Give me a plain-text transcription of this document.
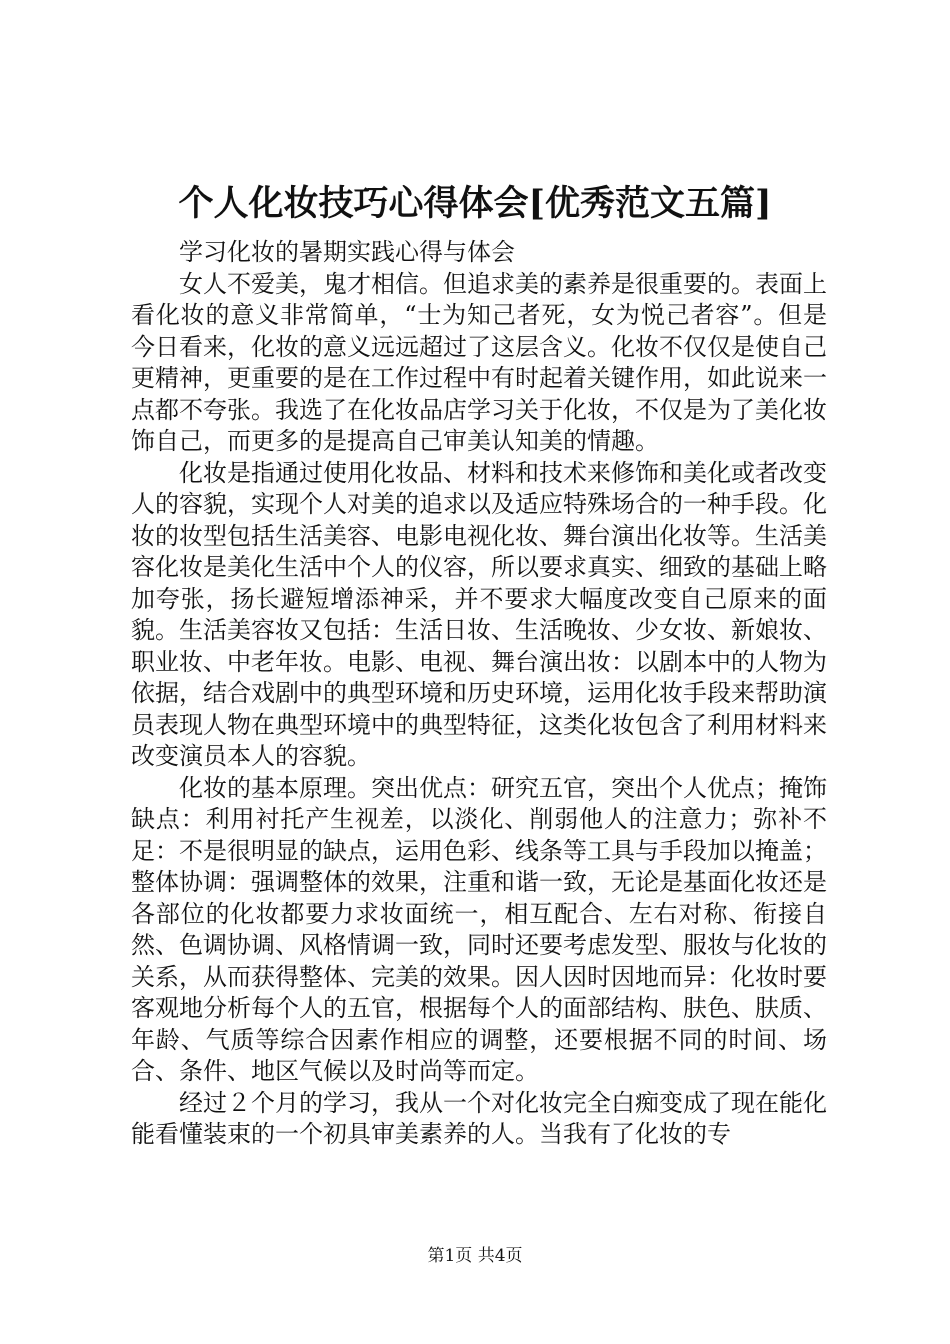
个人化妆技巧心得体会[优秀范文五篇]

学习化妆的暑期实践心得与体会

女人不爱美，鬼才相信。但追求美的素养是很重要的。表面上看化妆的意义非常简单，“士为知己者死，女为悦己者容”。但是今日看来，化妆的意义远远超过了这层含义。化妆不仅仅是使自己更精神，更重要的是在工作过程中有时起着关键作用，如此说来一点都不夸张。我选了在化妆品店学习关于化妆，不仅是为了美化妆饰自己，而更多的是提高自己审美认知美的情趣。

化妆是指通过使用化妆品、材料和技术来修饰和美化或者改变人的容貌，实现个人对美的追求以及适应特殊场合的一种手段。化妆的妆型包括生活美容、电影电视化妆、舞台演出化妆等。生活美容化妆是美化生活中个人的仪容，所以要求真实、细致的基础上略加夸张，扬长避短增添神采，并不要求大幅度改变自己原来的面貌。生活美容妆又包括：生活日妆、生活晚妆、少女妆、新娘妆、职业妆、中老年妆。电影、电视、舞台演出妆：以剧本中的人物为依据，结合戏剧中的典型环境和历史环境，运用化妆手段来帮助演员表现人物在典型环境中的典型特征，这类化妆包含了利用材料来改变演员本人的容貌。

化妆的基本原理。突出优点：研究五官，突出个人优点；掩饰缺点：利用衬托产生视差，以淡化、削弱他人的注意力；弥补不足：不是很明显的缺点，运用色彩、线条等工具与手段加以掩盖；整体协调：强调整体的效果，注重和谐一致，无论是基面化妆还是各部位的化妆都要力求妆面统一，相互配合、左右对称、衔接自然、色调协调、风格情调一致，同时还要考虑发型、服妆与化妆的关系，从而获得整体、完美的效果。因人因时因地而异：化妆时要客观地分析每个人的五官，根据每个人的面部结构、肤色、肤质、年龄、气质等综合因素作相应的调整，还要根据不同的时间、场合、条件、地区气候以及时尚等而定。

经过２个月的学习，我从一个对化妆完全白痴变成了现在能化能看懂装束的一个初具审美素养的人。当我有了化妆的专

第1页 共4页
